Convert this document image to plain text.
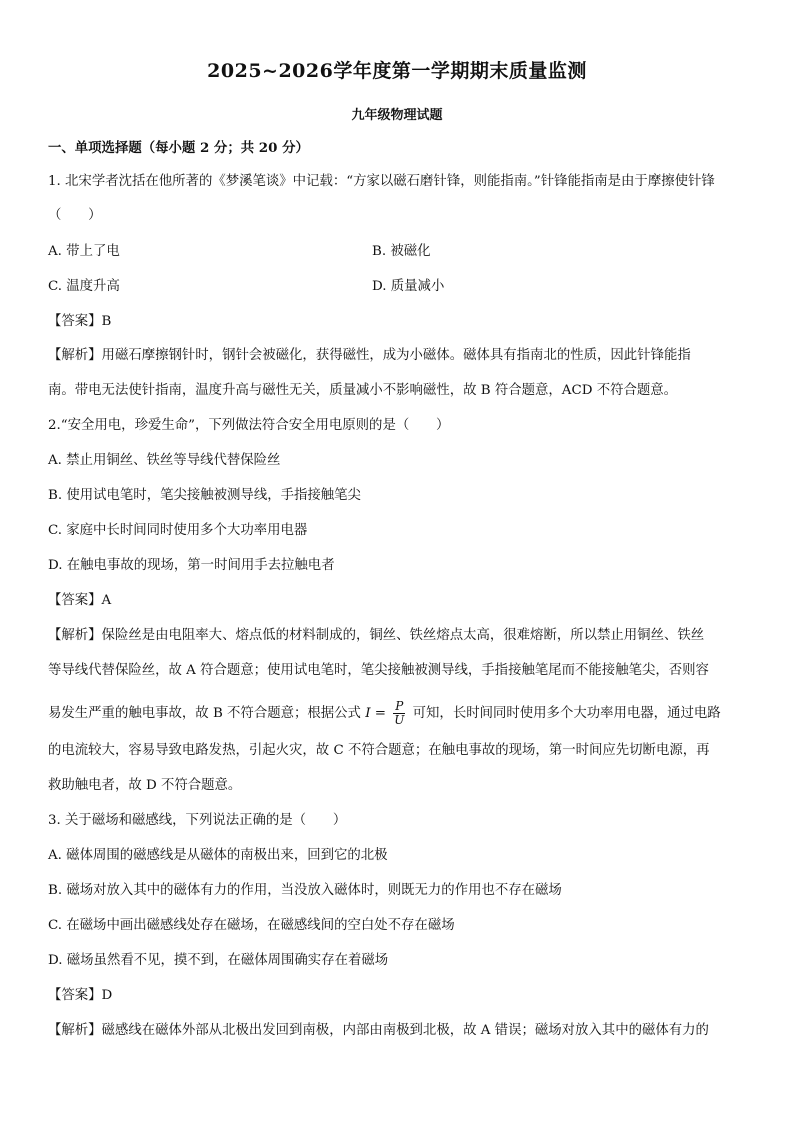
2025~2026学年度第一学期期末质量监测
九年级物理试题
一、单项选择题（每小题 2 分；共 20 分）
1. 北宋学者沈括在他所著的《梦溪笔谈》中记载：“方家以磁石磨针锋，则能指南。”针锋能指南是由于摩擦使针锋
（　　）
A. 带上了电	B. 被磁化
C. 温度升高	D. 质量减小
【答案】B
【解析】用磁石摩擦钢针时，钢针会被磁化，获得磁性，成为小磁体。磁体具有指南北的性质，因此针锋能指
南。带电无法使针指南，温度升高与磁性无关，质量减小不影响磁性，故 B 符合题意，ACD 不符合题意。
2.“安全用电，珍爱生命”，下列做法符合安全用电原则的是（　　）
A. 禁止用铜丝、铁丝等导线代替保险丝
B. 使用试电笔时，笔尖接触被测导线，手指接触笔尖
C. 家庭中长时间同时使用多个大功率用电器
D. 在触电事故的现场，第一时间用手去拉触电者
【答案】A
【解析】保险丝是由电阻率大、熔点低的材料制成的，铜丝、铁丝熔点太高，很难熔断，所以禁止用铜丝、铁丝
等导线代替保险丝，故 A 符合题意；使用试电笔时，笔尖接触被测导线，手指接触笔尾而不能接触笔尖，否则容
易发生严重的触电事故，故 B 不符合题意；根据公式 $I = \frac{P}{U}$ 可知，长时间同时使用多个大功率用电器，通过电路
的电流较大，容易导致电路发热，引起火灾，故 C 不符合题意；在触电事故的现场，第一时间应先切断电源，再
救助触电者，故 D 不符合题意。
3. 关于磁场和磁感线，下列说法正确的是（　　）
A. 磁体周围的磁感线是从磁体的南极出来，回到它的北极
B. 磁场对放入其中的磁体有力的作用，当没放入磁体时，则既无力的作用也不存在磁场
C. 在磁场中画出磁感线处存在磁场，在磁感线间的空白处不存在磁场
D. 磁场虽然看不见，摸不到，在磁体周围确实存在着磁场
【答案】D
【解析】磁感线在磁体外部从北极出发回到南极，内部由南极到北极，故 A 错误；磁场对放入其中的磁体有力的
